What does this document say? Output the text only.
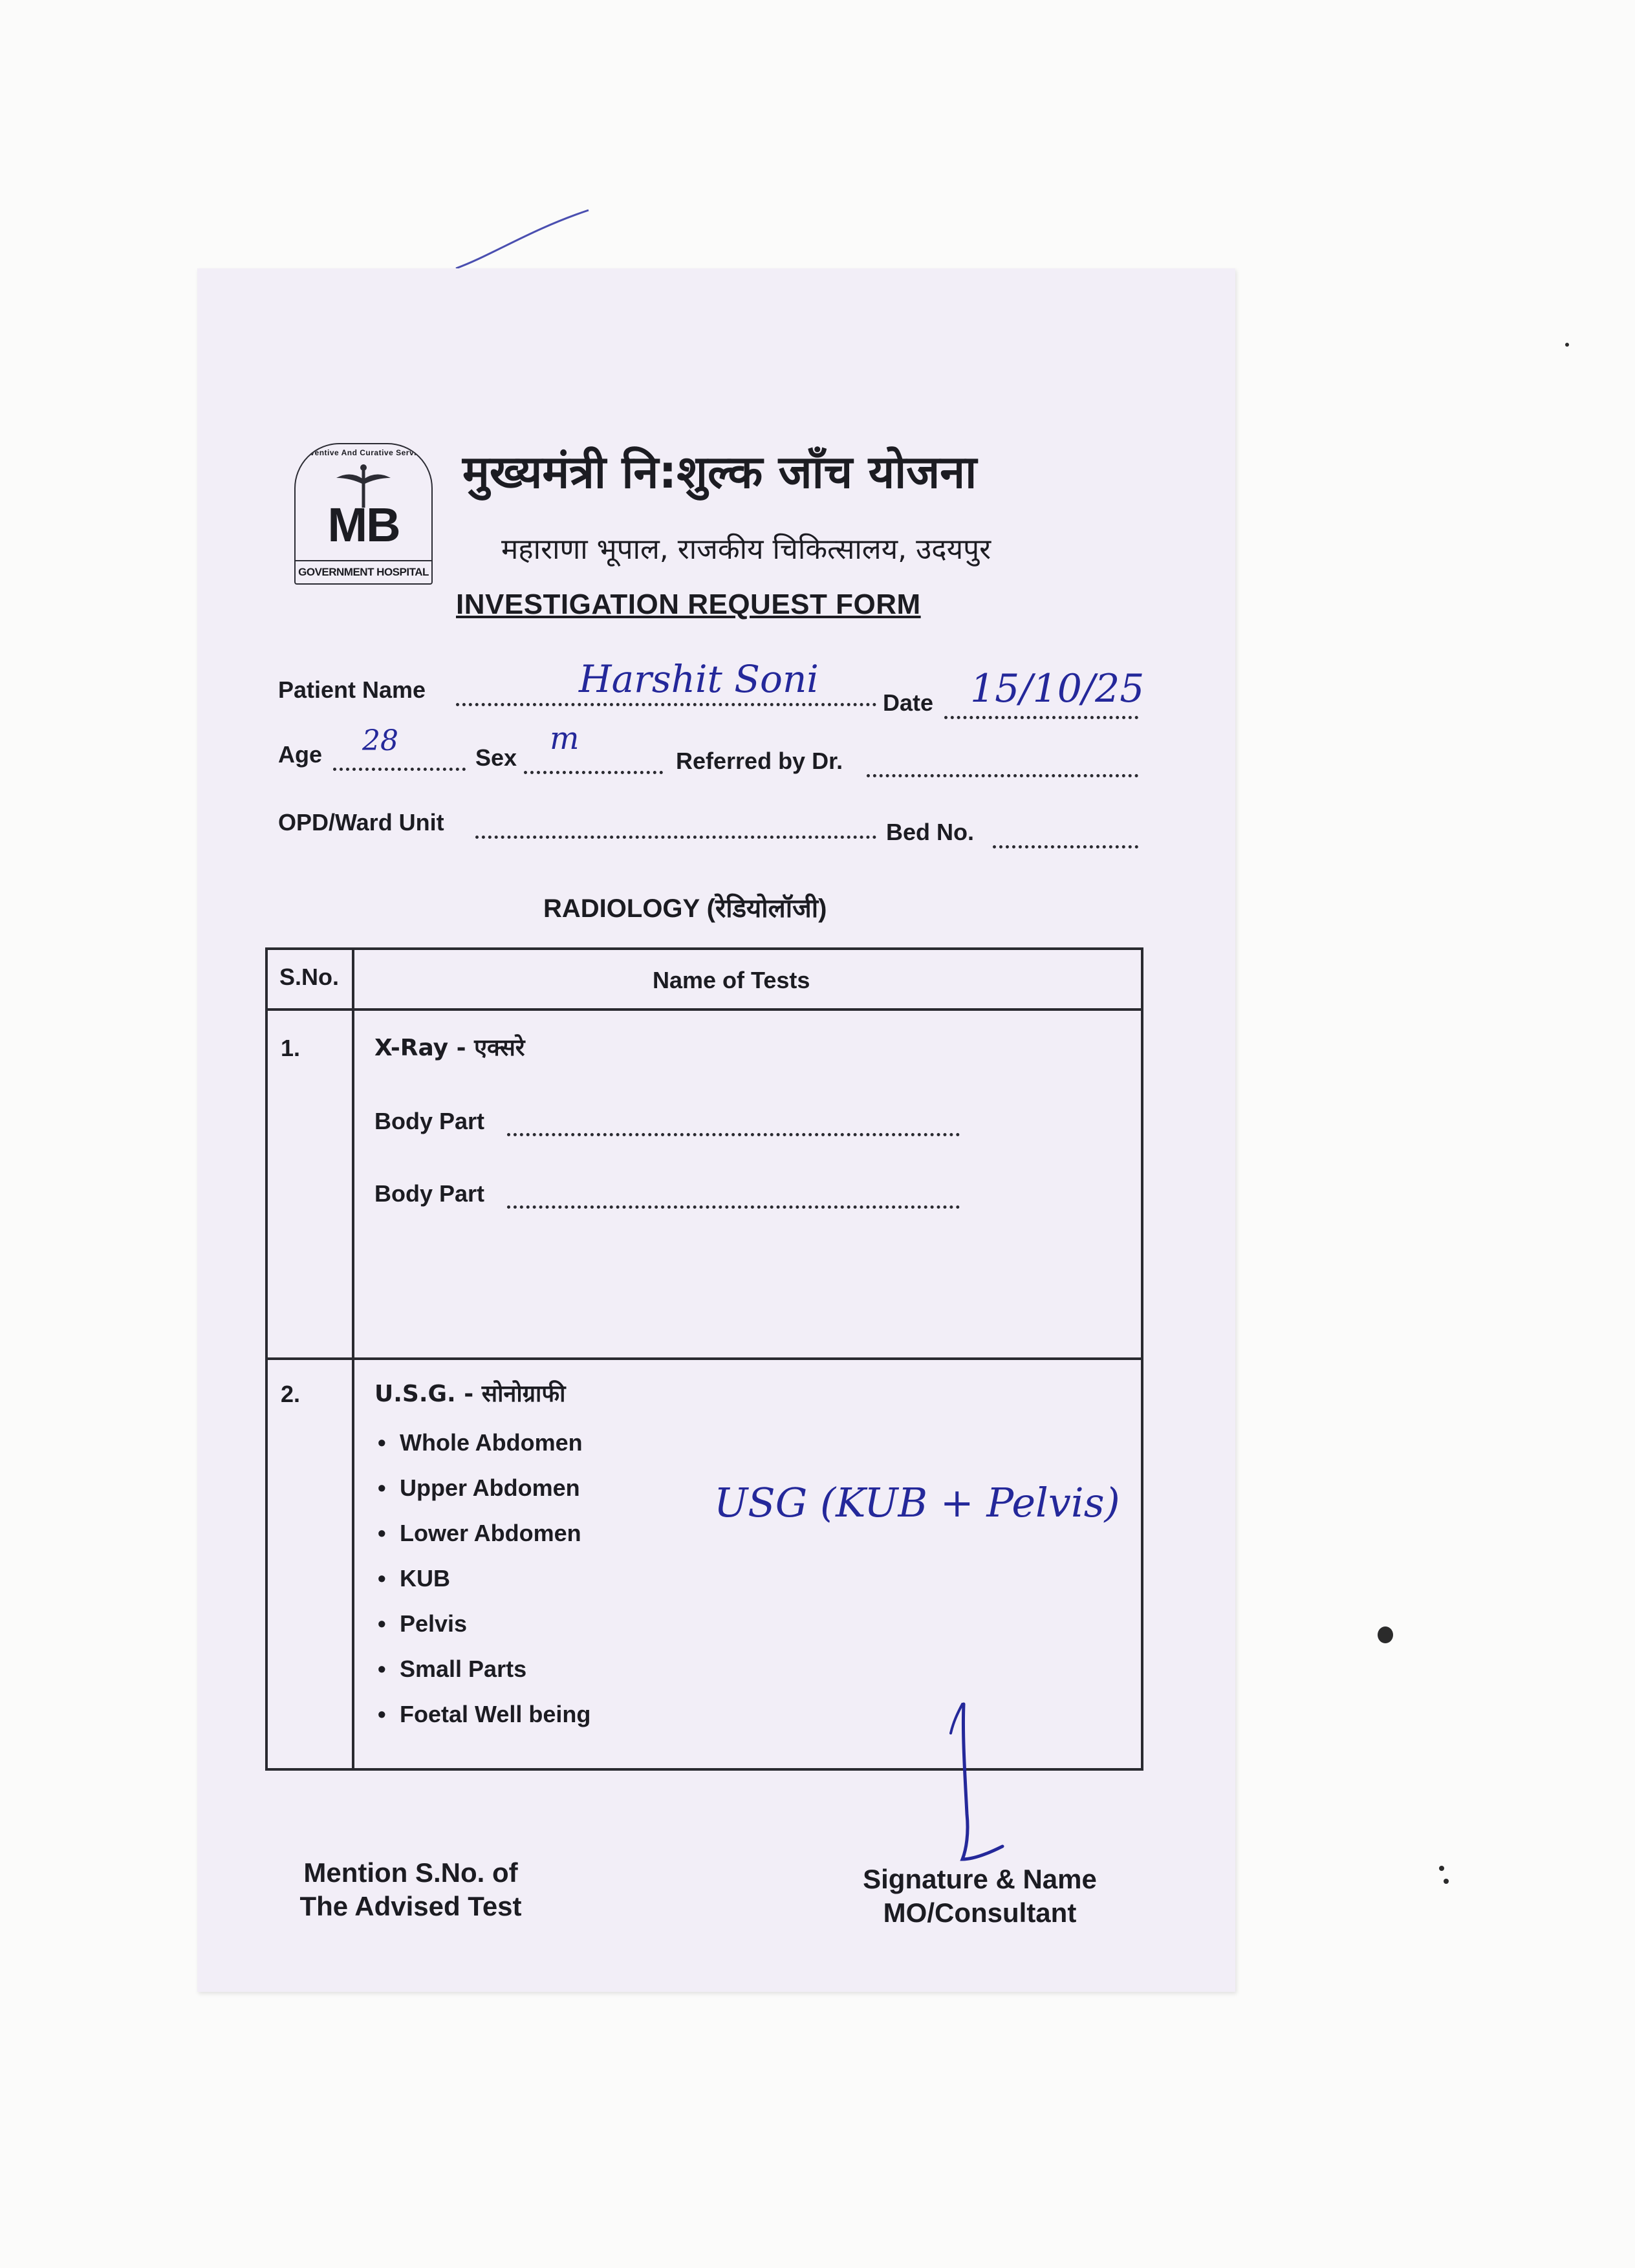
Preventive And Curative Services
MB
GOVERNMENT HOSPITAL
मुख्यमंत्री नि:शुल्क जाँच योजना
महाराणा भूपाल, राजकीय चिकित्सालय, उदयपुर
INVESTIGATION REQUEST FORM
Patient Name	Harshit Soni
Date 15/10/25
Age 28
Sex
m
Referred by Dr.
OPD/Ward Unit	Bed No.
RADIOLOGY (रेडियोलॉजी)
S.No.	Name of Tests
1.	X-Ray - एक्सरे
Body Part
Body Part
2.	U.S.G. - सोनोग्राफी
• Whole Abdomen
• Upper Abdomen
• Lower Abdomen
• KUB
• Pelvis
• Small Parts
• Foetal Well being
USG (KUB + Pelvis)
Mention S.No. of
The Advised Test
Signature & Name
MO/Consultant
